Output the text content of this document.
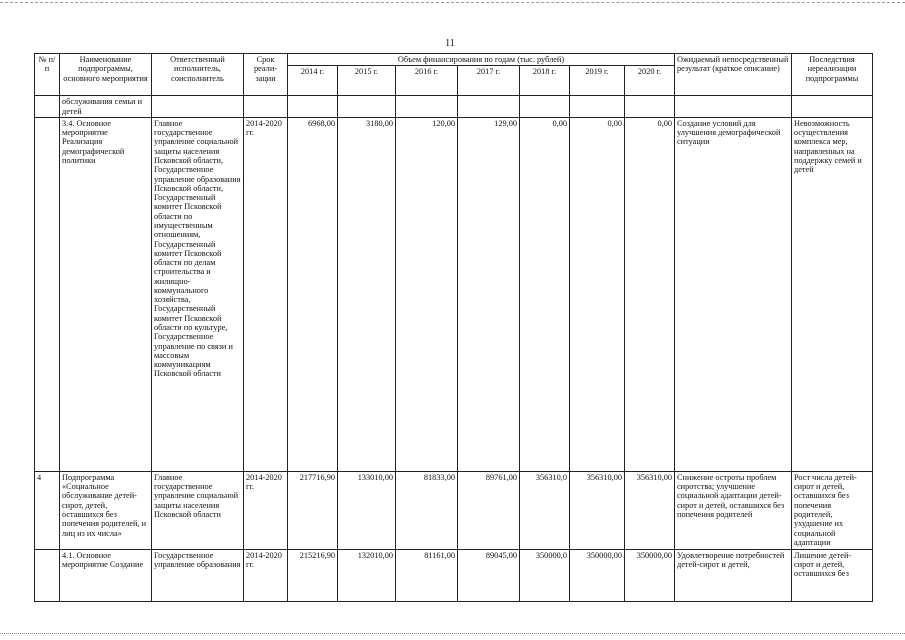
11
№ п/п	Наименование подпрограммы, основного мероприятия	Ответственный исполнитель, соисполнитель	Срок реали-зации	Объем финансирования по годам (тыс. рублей)							Ожидаемый непосредственный результат (краткое описание)	Последствия нереализации подпрограммы
				2014 г.	2015 г.	2016 г.	2017 г.	2018 г.	2019 г.	2020 г.		
	обслуживания семьи и детей											
	3.4. Основное мероприятие Реализация демографической политики	Главное государственное управление социальной защиты населения Псковской области, Государственное управление образования Псковской области, Государственный комитет Псковской области по имущественным отношениям, Государственный комитет Псковской области по делам строительства и жилищно-коммунального хозяйства, Государственный комитет Псковской области по культуре, Государственное управление по связи и массовым коммуникациям Псковской области	2014-2020 гг.	6968,00	3180,00	120,00	129,00	0,00	0,00	0,00	Создание условий для улучшения демографической ситуации	Невозможность осуществления комплекса мер, направленных на поддержку семей и детей
4	Подпрограмма «Социальное обслуживание детей-сирот, детей, оставшихся без попечения родителей, и лиц из их числа»	Главное государственное управление социальной защиты населения Псковской области	2014-2020 гг.	217716,90	133010,00	81833,00	89761,00	356310,0	356310,00	356310,00	Снижение остроты проблем сиротства; улучшение социальной адаптации детей-сирот и детей, оставшихся без попечения родителей	Рост числа детей-сирот и детей, оставшихся без попечения родителей, ухудшение их социальной адаптации
	4.1. Основное мероприятие Создание	Государственное управление образования	2014-2020 гг.	215216,90	132010,00	81161,00	89045,00	350000,0	350000,00	350000,00	Удовлетворение потребностей детей-сирот и детей,	Лишение детей-сирот и детей, оставшихся без
